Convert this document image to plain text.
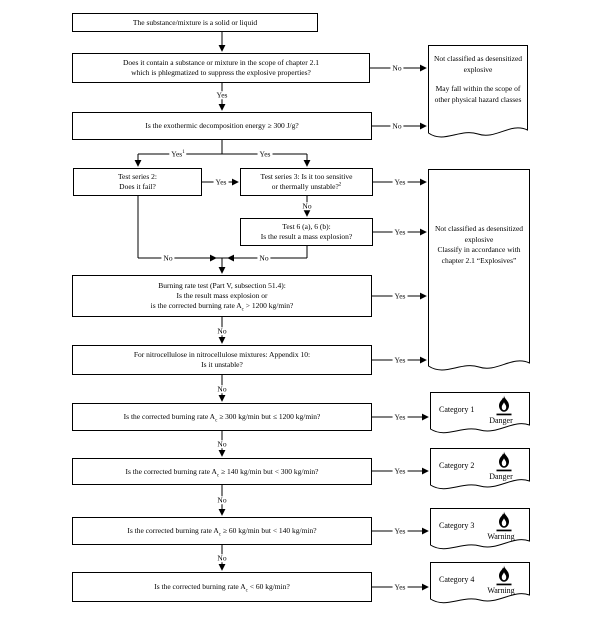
The substance/mixture is a solid or liquid
Does it contain a substance or mixture in the scope of chapter 2.1
which is phlegmatized to suppress the explosive properties?
Is the exothermic decomposition energy ≥ 300 J/g?
Test series 2:
Does it fail?
Test series 3: Is it too sensitive
or thermally unstable?$^2$
Test 6 (a), 6 (b):
Is the result a mass explosion?
Burning rate test (Part V, subsection 51.4):
Is the result mass explosion or
is the corrected burning rate $A_c > 1200$ kg/min?
For nitrocellulose in nitrocellulose mixtures: Appendix 10:
Is it unstable?
Is the corrected burning rate $A_c \ge 300$ kg/min but ≤ 1200 kg/min?
Is the corrected burning rate $A_c \ge 140$ kg/min but < 300 kg/min?
Is the corrected burning rate $A_c \ge 60$ kg/min but < 140 kg/min?
Is the corrected burning rate $A_c < 60$ kg/min?

Not classified as desensitized explosive

May fall within the scope of other physical hazard classes

Not classified as desensitized explosive

Classify in accordance with chapter 2.1 “Explosives”

Category 1
Danger
Category 2
Danger
Category 3
Warning
Category 4
Warning
Yes
No
No
Yes$^1$	Yes
Yes	Yes
No
Yes
No	No
Yes
No
Yes
No
Yes
No
Yes
No
Yes
No
Yes
